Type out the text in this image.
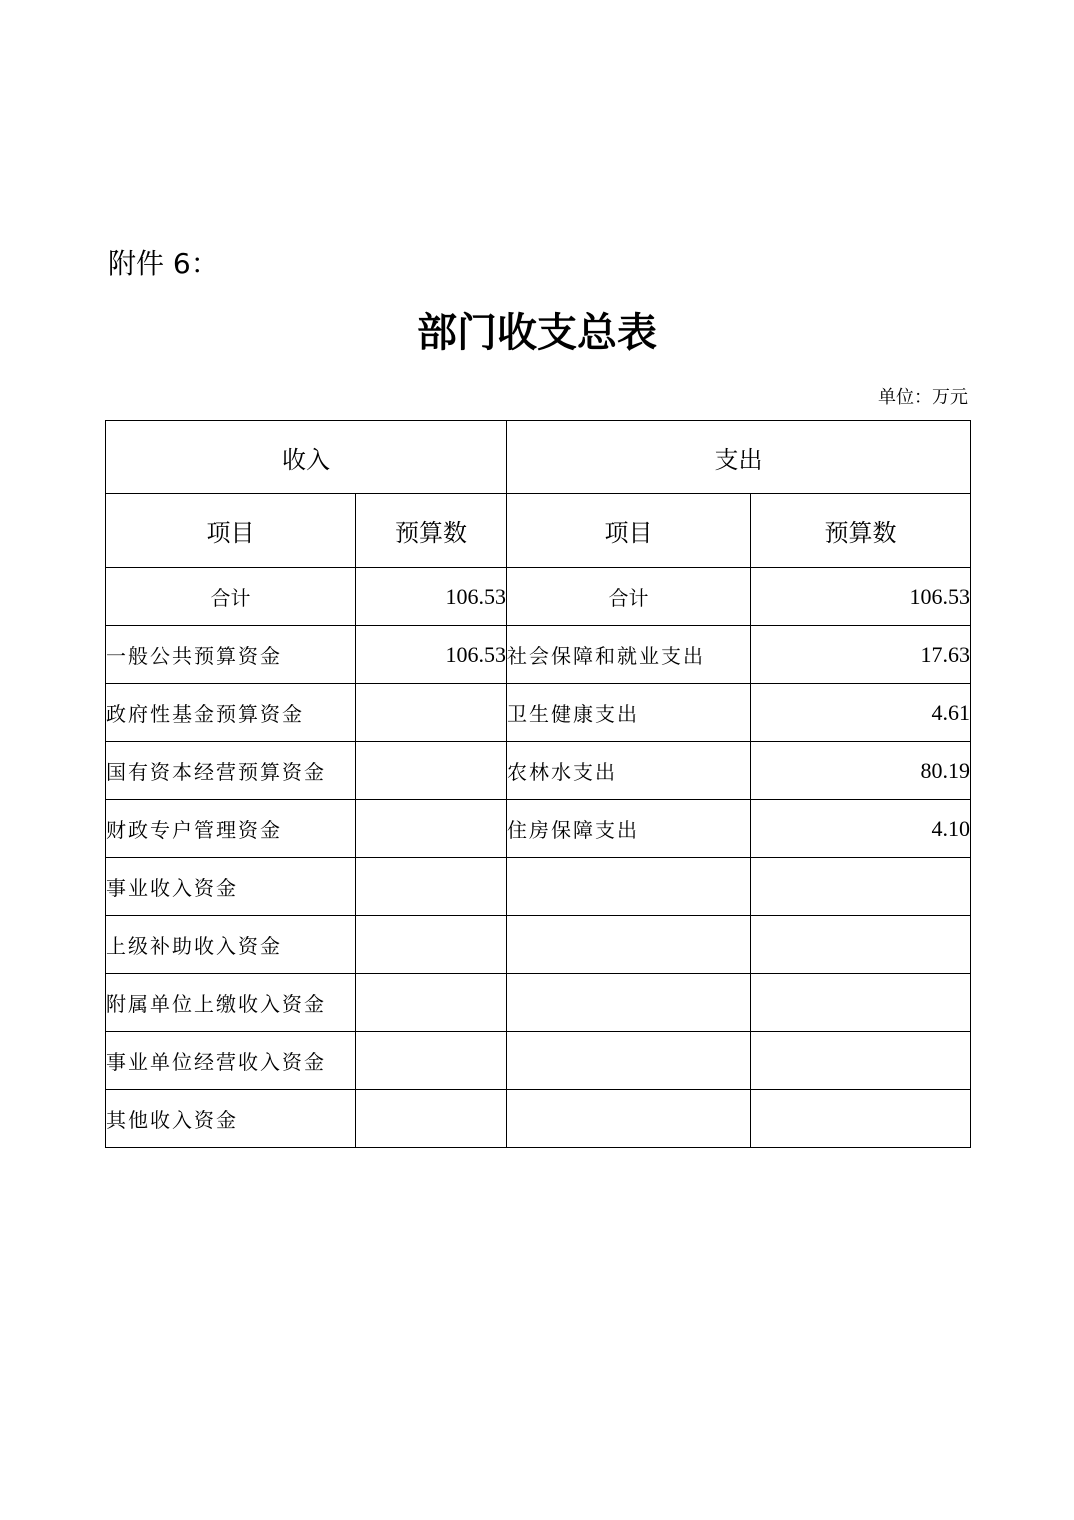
附件 6：
部门收支总表
单位：万元
收入		支出	
项目	预算数	项目	预算数
合计	106.53	合计	106.53
一般公共预算资金	106.53	社会保障和就业支出	17.63
政府性基金预算资金		卫生健康支出	4.61
国有资本经营预算资金		农林水支出	80.19
财政专户管理资金		住房保障支出	4.10
事业收入资金			
上级补助收入资金			
附属单位上缴收入资金			
事业单位经营收入资金			
其他收入资金			
